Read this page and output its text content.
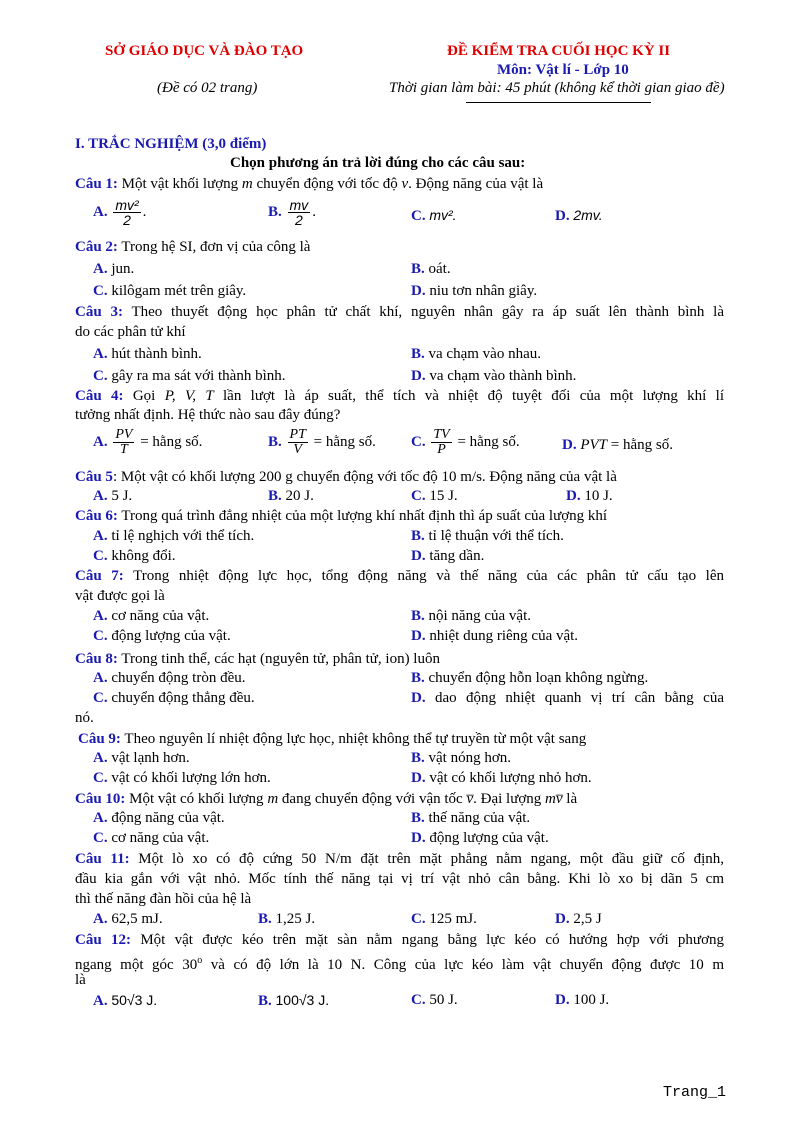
SỞ GIÁO DỤC VÀ ĐÀO TẠO
(Đề có 02 trang)
ĐỀ KIỂM TRA CUỐI HỌC KỲ II
Môn: Vật lí - Lớp 10
Thời gian làm bài: 45 phút (không kể thời gian giao đề)
I. TRẮC NGHIỆM (3,0 điểm)
Chọn phương án trả lời đúng cho các câu sau:
Câu 1: Một vật khối lượng m chuyển động với tốc độ v. Động năng của vật là
A. $\frac{\text{mv²}}{2}$ .	B. $\frac{mv}{2}$ .	C. mv².	D. 2mv.
Câu 2: Trong hệ SI, đơn vị của công là
A. jun.	B. oát.
C. kilôgam mét trên giây.	D. niu tơn nhân giây.
Câu 3: Theo thuyết động học phân tử chất khí, nguyên nhân gây ra áp suất lên thành bình là
do các phân tử khí
A. hút thành bình.	B. va chạm vào nhau.
C. gây ra ma sát với thành bình.	D. va chạm vào thành bình.
Câu 4: Gọi P, V, T lần lượt là áp suất, thể tích và nhiệt độ tuyệt đối của một lượng khí lí
tưởng nhất định. Hệ thức nào sau đây đúng?
A. $\frac{PV}{T}$ = hằng số.	B. $\frac{PT}{V}$ = hằng số. C. $\frac{TV}{P}$ = hằng số.	D. PVT = hằng số.
Câu 5: Một vật có khối lượng 200 g chuyển động với tốc độ 10 m/s. Động năng của vật là
A. 5 J.	B. 20 J.	C. 15 J.	D. 10 J.
Câu 6: Trong quá trình đẳng nhiệt của một lượng khí nhất định thì áp suất của lượng khí
A. tỉ lệ nghịch với thể tích.	B. tỉ lệ thuận với thể tích.
C. không đổi.	D. tăng dần.
Câu 7: Trong nhiệt động lực học, tổng động năng và thế năng của các phân tử cấu tạo lên
vật được gọi là
A. cơ năng của vật.	B. nội năng của vật.
C. động lượng của vật.	D. nhiệt dung riêng của vật.
Câu 8: Trong tinh thể, các hạt (nguyên tử, phân tử, ion) luôn
A. chuyển động tròn đều.	B. chuyển động hỗn loạn không ngừng.
C. chuyển động thẳng đều.	D. dao động nhiệt quanh vị trí cân bằng của
nó.
Câu 9: Theo nguyên lí nhiệt động lực học, nhiệt không thể tự truyền từ một vật sang
A. vật lạnh hơn.	B. vật nóng hơn.
C. vật có khối lượng lớn hơn.	D. vật có khối lượng nhỏ hơn.
Câu 10: Một vật có khối lượng m đang chuyển động với vận tốc v̅. Đại lượng mv̅ là
A. động năng của vật.	B. thế năng của vật.
C. cơ năng của vật.	D. động lượng của vật.
Câu 11: Một lò xo có độ cứng 50 N/m đặt trên mặt phẳng nằm ngang, một đầu giữ cố định,
đầu kia gắn với vật nhỏ. Mốc tính thế năng tại vị trí vật nhỏ cân bằng. Khi lò xo bị dãn 5 cm
thì thế năng đàn hồi của hệ là
A. 62,5 mJ.	B. 1,25 J.	C. 125 mJ.	D. 2,5 J
Câu 12: Một vật được kéo trên mặt sàn nằm ngang bằng lực kéo có hướng hợp với phương
ngang một góc 30$^o$ và có độ lớn là 10 N. Công của lực kéo làm vật chuyển động được 10 m
là
A. 50√3 J.	B. 100√3 J.	C. 50 J.	D. 100 J.
Trang_1
